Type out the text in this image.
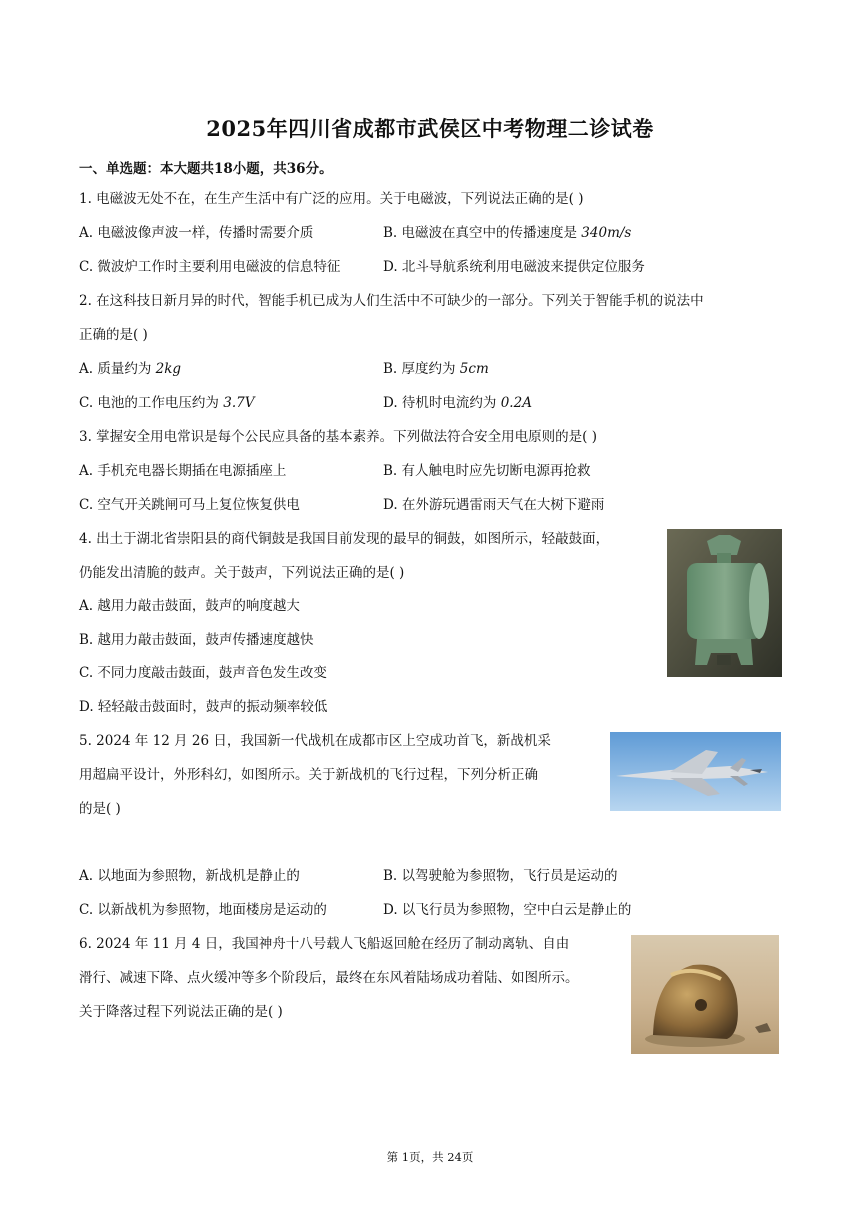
2025年四川省成都市武侯区中考物理二诊试卷
一、单选题：本大题共18小题，共36分。
1. 电磁波无处不在，在生产生活中有广泛的应用。关于电磁波，下列说法正确的是( )
A. 电磁波像声波一样，传播时需要介质	B. 电磁波在真空中的传播速度是 340m/s
C. 微波炉工作时主要利用电磁波的信息特征	D. 北斗导航系统利用电磁波来提供定位服务
2. 在这科技日新月异的时代，智能手机已成为人们生活中不可缺少的一部分。下列关于智能手机的说法中
正确的是( )
A. 质量约为 2kg	B. 厚度约为 5cm
C. 电池的工作电压约为 3.7V	D. 待机时电流约为 0.2A
3. 掌握安全用电常识是每个公民应具备的基本素养。下列做法符合安全用电原则的是( )
A. 手机充电器长期插在电源插座上	B. 有人触电时应先切断电源再抢救
C. 空气开关跳闸可马上复位恢复供电	D. 在外游玩遇雷雨天气在大树下避雨
4. 出土于湖北省崇阳县的商代铜鼓是我国目前发现的最早的铜鼓，如图所示，轻敲鼓面，
仍能发出清脆的鼓声。关于鼓声，下列说法正确的是( )
A. 越用力敲击鼓面，鼓声的响度越大
B. 越用力敲击鼓面，鼓声传播速度越快
C. 不同力度敲击鼓面，鼓声音色发生改变
D. 轻轻敲击鼓面时，鼓声的振动频率较低
5. 2024 年 12 月 26 日，我国新一代战机在成都市区上空成功首飞，新战机采
用超扁平设计，外形科幻，如图所示。关于新战机的飞行过程，下列分析正确
的是( )
A. 以地面为参照物，新战机是静止的	B. 以驾驶舱为参照物，飞行员是运动的
C. 以新战机为参照物，地面楼房是运动的	D. 以飞行员为参照物，空中白云是静止的
6. 2024 年 11 月 4 日，我国神舟十八号载人飞船返回舱在经历了制动离轨、自由
滑行、减速下降、点火缓冲等多个阶段后，最终在东风着陆场成功着陆、如图所示。
关于降落过程下列说法正确的是( )
第 1页，共 24页
